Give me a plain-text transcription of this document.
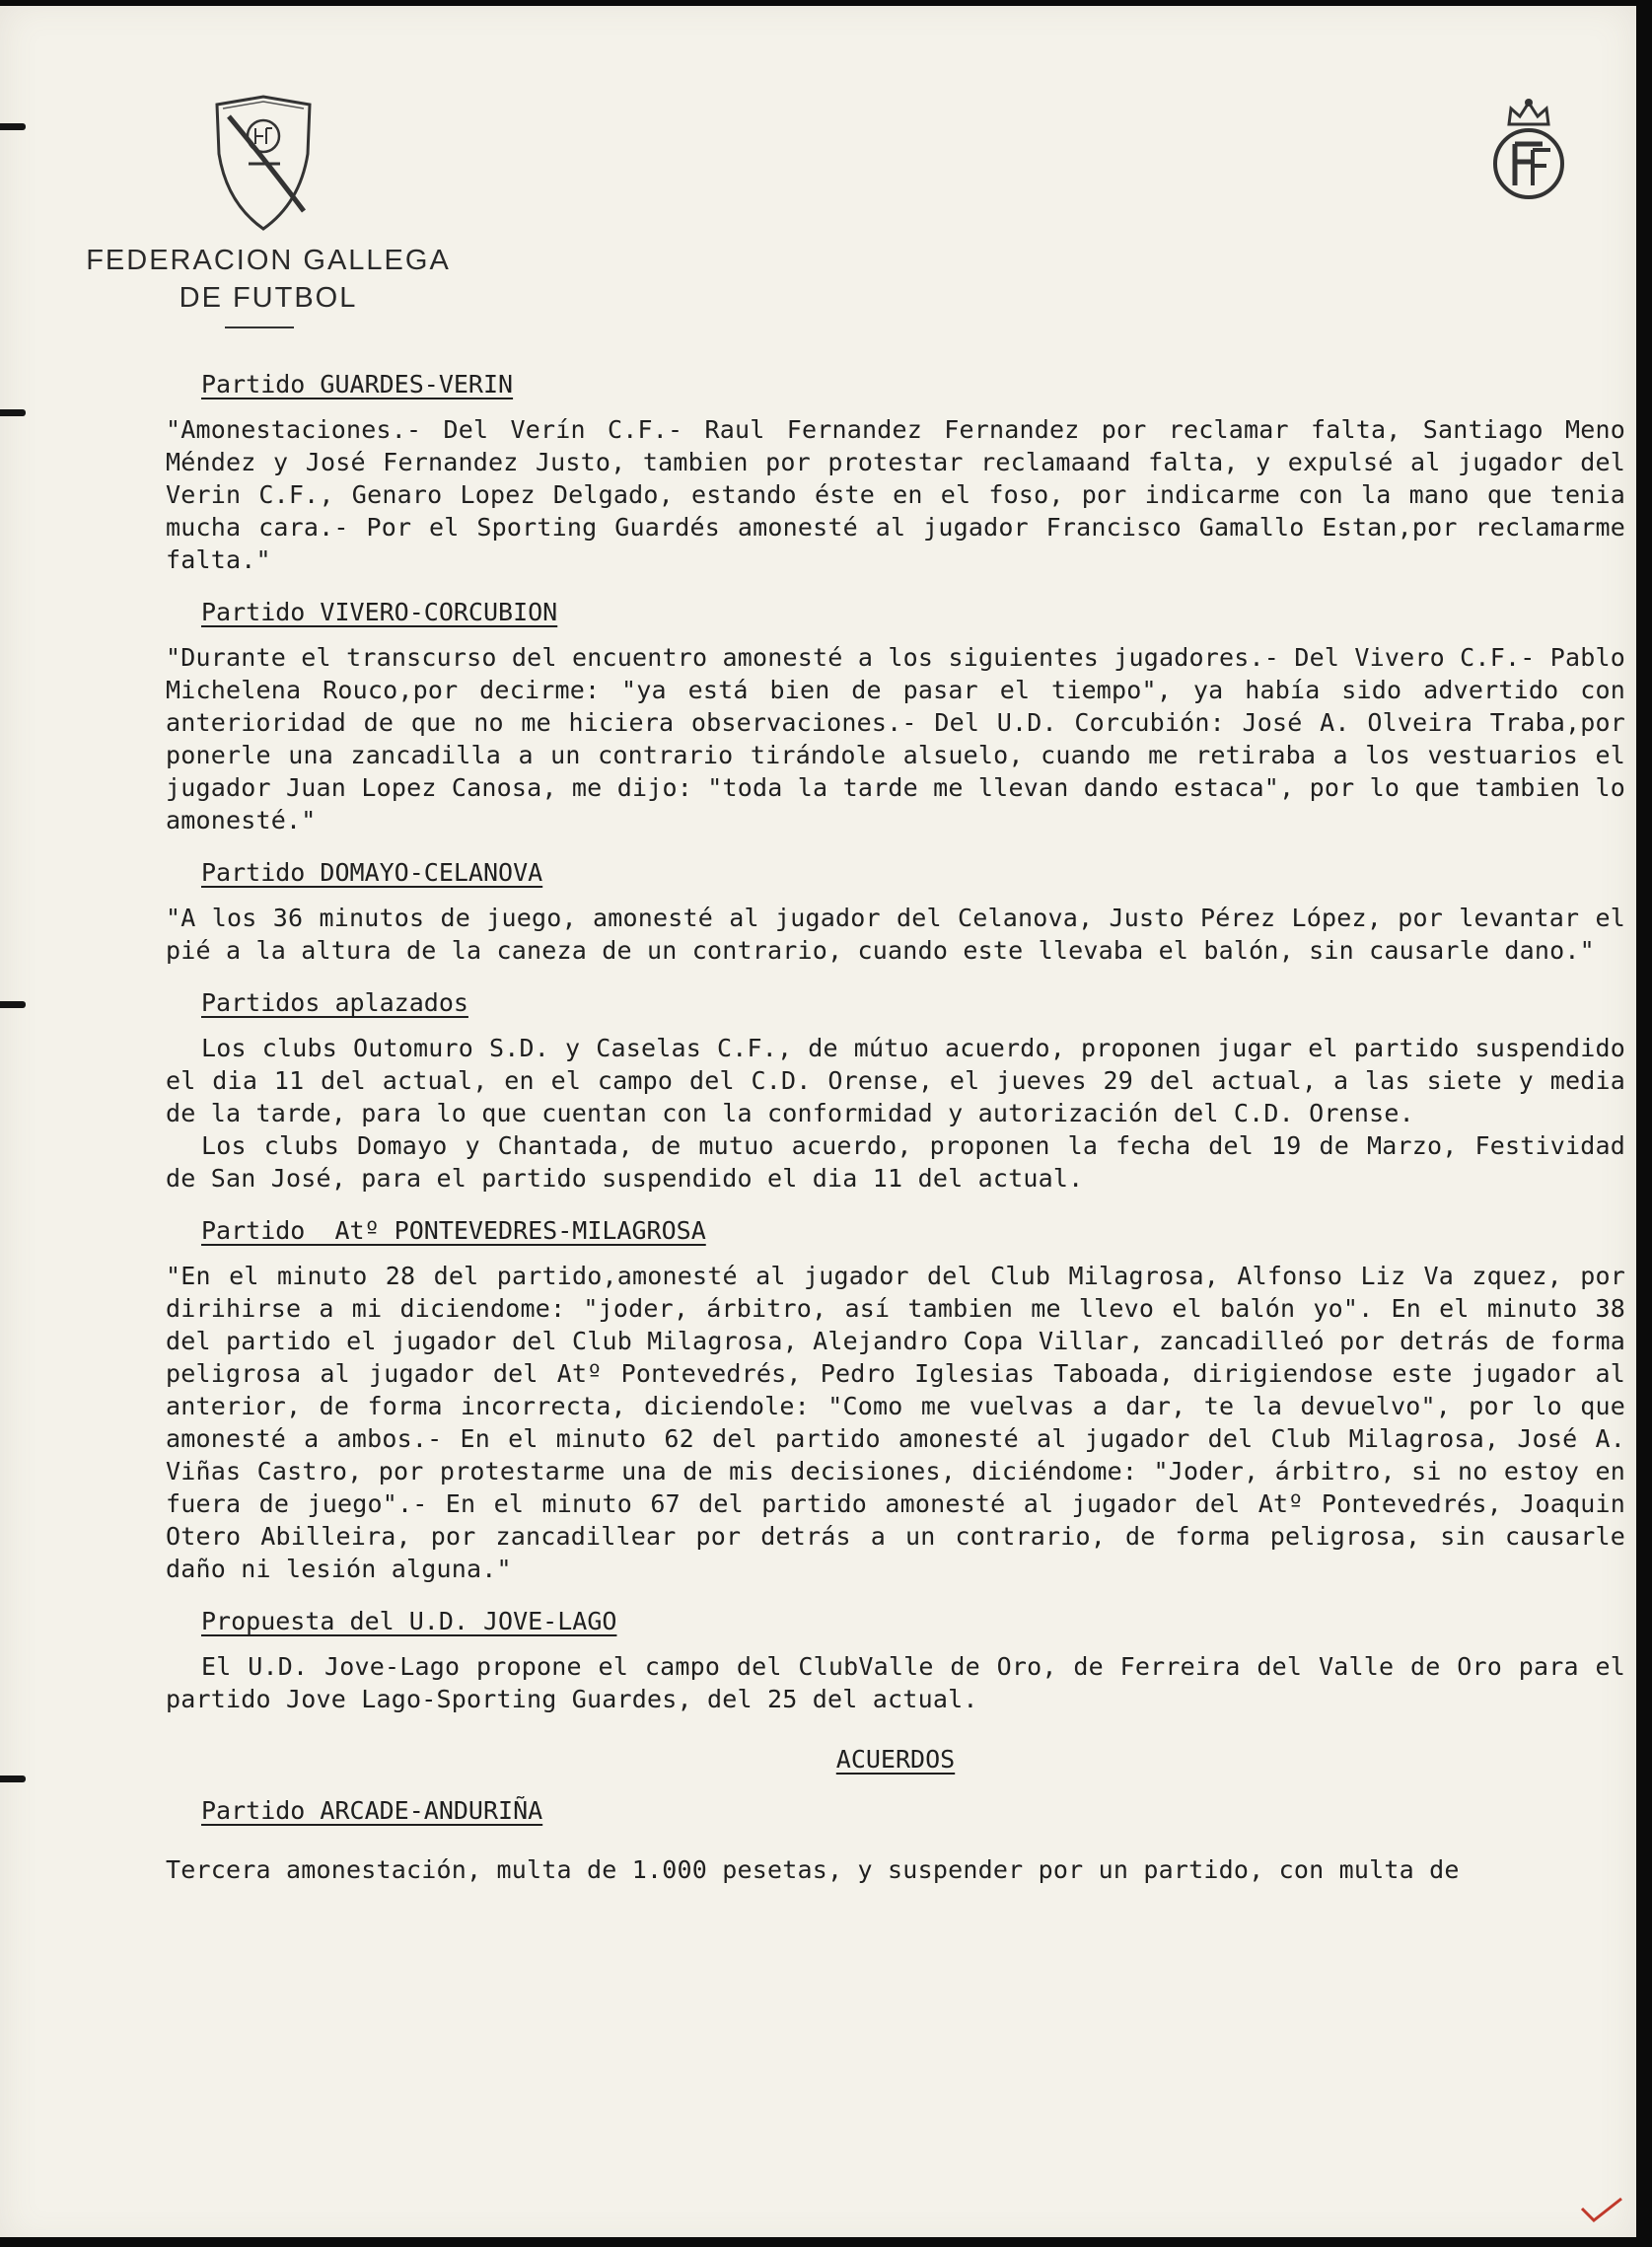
FEDERACION GALLEGA
DE FUTBOL
Partido GUARDES-VERIN

"Amonestaciones.- Del Verín C.F.- Raul Fernandez Fernandez por reclamar falta, Santiago Meno Méndez y José Fernandez Justo, tambien por protestar reclamaand falta, y expulsé al jugador del Verin C.F., Genaro Lopez Delgado, estando éste en el foso, por indicarme con la mano que tenia mucha cara.- Por el Sporting Guardés amonesté al jugador Francisco Gamallo Estan,por reclamarme falta."

Partido VIVERO-CORCUBION

"Durante el transcurso del encuentro amonesté a los siguientes jugadores.- Del Vivero C.F.- Pablo Michelena Rouco,por decirme: "ya está bien de pasar el tiempo", ya había sido advertido con anterioridad de que no me hiciera observaciones.- Del U.D. Corcubión: José A. Olveira Traba,por ponerle una zancadilla a un contrario tirándole alsuelo, cuando me retiraba a los vestuarios el jugador Juan Lopez Canosa, me dijo: "toda la tarde me llevan dando estaca", por lo que tambien lo amonesté."

Partido DOMAYO-CELANOVA

"A los 36 minutos de juego, amonesté al jugador del Celanova, Justo Pérez López, por levantar el pié a la altura de la caneza de un contrario, cuando este llevaba el balón, sin causarle dano."

Partidos aplazados

Los clubs Outomuro S.D. y Caselas C.F., de mútuo acuerdo, proponen jugar el partido suspendido el dia 11 del actual, en el campo del C.D. Orense, el jueves 29 del actual, a las siete y media de la tarde, para lo que cuentan con la conformidad y autorización del C.D. Orense.

Los clubs Domayo y Chantada, de mutuo acuerdo, proponen la fecha del 19 de Marzo, Festividad de San José, para el partido suspendido el dia 11 del actual.

Partido  Atº PONTEVEDRES-MILAGROSA

"En el minuto 28 del partido,amonesté al jugador del Club Milagrosa, Alfonso Liz Va zquez, por dirihirse a mi diciendome: "joder, árbitro, así tambien me llevo el balón yo". En el minuto 38 del partido el jugador del Club Milagrosa, Alejandro Copa Villar, zancadilleó por detrás de forma peligrosa al jugador del Atº Pontevedrés, Pedro Iglesias Taboada, dirigiendose este jugador al anterior, de forma incorrecta, diciendole: "Como me vuelvas a dar, te la devuelvo", por lo que amonesté a ambos.- En el minuto 62 del partido amonesté al jugador del Club Milagrosa, José A. Viñas Castro, por protestarme una de mis decisiones, diciéndome: "Joder, árbitro, si no estoy en fuera de juego".- En el minuto 67 del partido amonesté al jugador del Atº Pontevedrés, Joaquin Otero Abilleira, por zancadillear por detrás a un contrario, de forma peligrosa, sin causarle daño ni lesión alguna."

Propuesta del U.D. JOVE-LAGO

El U.D. Jove-Lago propone el campo del ClubValle de Oro, de Ferreira del Valle de Oro para el partido Jove Lago-Sporting Guardes, del 25 del actual.

ACUERDOS
Partido ARCADE-ANDURIÑA

Tercera amonestación, multa de 1.000 pesetas, y suspender por un partido, con multa de
